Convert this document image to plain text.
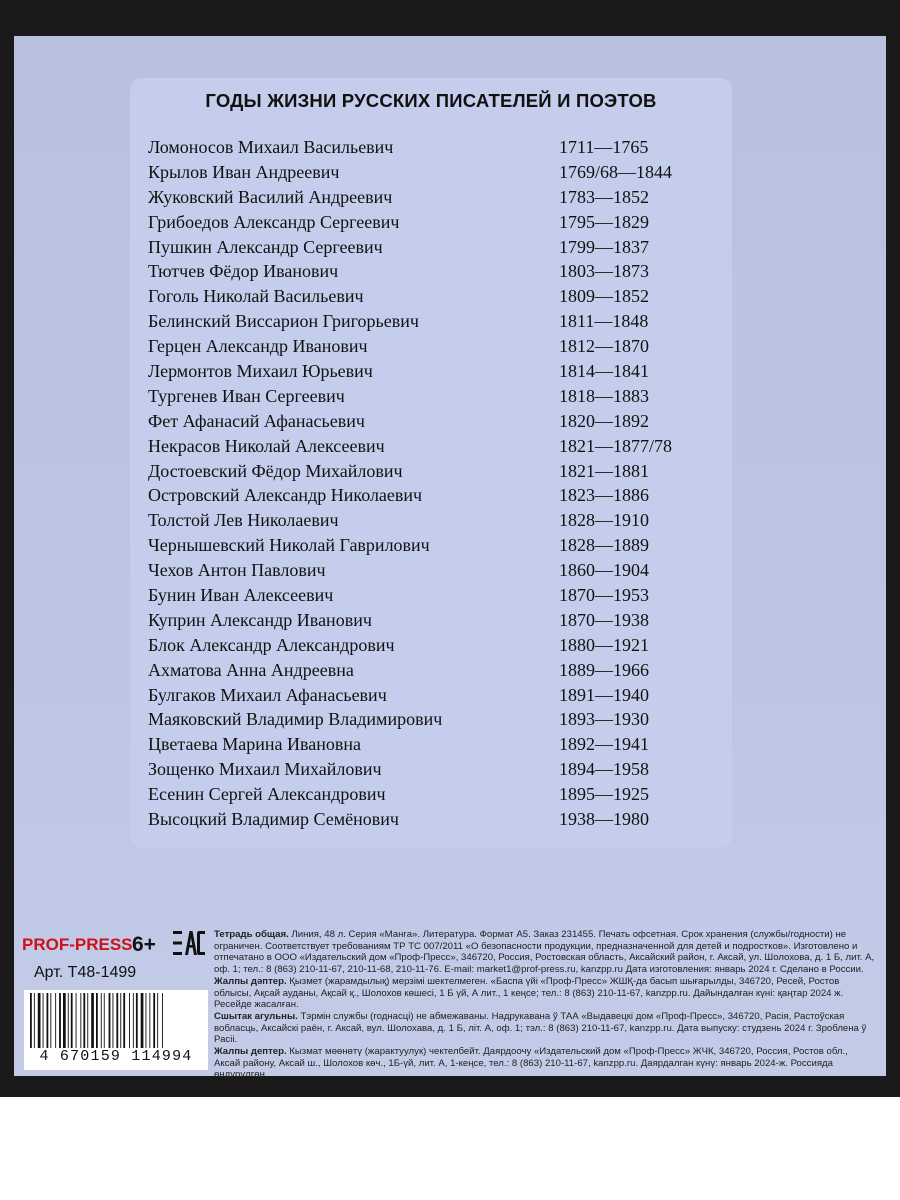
ГОДЫ ЖИЗНИ РУССКИХ ПИСАТЕЛЕЙ И ПОЭТОВ
Ломоносов Михаил Васильевич	1711—1765
Крылов Иван Андреевич	1769/68—1844
Жуковский Василий Андреевич	1783—1852
Грибоедов Александр Сергеевич	1795—1829
Пушкин Александр Сергеевич	1799—1837
Тютчев Фёдор Иванович	1803—1873
Гоголь Николай Васильевич	1809—1852
Белинский Виссарион Григорьевич	1811—1848
Герцен Александр Иванович	1812—1870
Лермонтов Михаил Юрьевич	1814—1841
Тургенев Иван Сергеевич	1818—1883
Фет Афанасий Афанасьевич	1820—1892
Некрасов Николай Алексеевич	1821—1877/78
Достоевский Фёдор Михайлович	1821—1881
Островский Александр Николаевич	1823—1886
Толстой Лев Николаевич	1828—1910
Чернышевский Николай Гаврилович	1828—1889
Чехов Антон Павлович	1860—1904
Бунин Иван Алексеевич	1870—1953
Куприн Александр Иванович	1870—1938
Блок Александр Александрович	1880—1921
Ахматова Анна Андреевна	1889—1966
Булгаков Михаил Афанасьевич	1891—1940
Маяковский Владимир Владимирович	1893—1930
Цветаева Марина Ивановна	1892—1941
Зощенко Михаил Михайлович	1894—1958
Есенин Сергей Александрович	1895—1925
Высоцкий Владимир Семёнович	1938—1980
PROF-PRESS 6+
Арт. Т48-1499
4 670159 114994

Тетрадь общая. Линия, 48 л. Серия «Манга». Литература. Формат А5. Заказ 231455. Печать офсетная. Срок хранения (службы/годности) не ограничен. Соответствует требованиям ТР ТС 007/2011 «О безопасности продукции, предназначенной для детей и подростков». Изготовлено и отпечатано в ООО «Издательский дом «Проф-Пресс», 346720, Россия, Ростовская область, Аксайский район, г. Аксай, ул. Шолохова, д. 1 Б, лит. А, оф. 1; тел.: 8 (863) 210-11-67, 210-11-68, 210-11-76. E-mail: market1@prof-press.ru, kanzpp.ru Дата изготовления: январь 2024 г. Сделано в России.

Жалпы дәптер. Қызмет (жарамдылық) мерзімі шектелмеген. «Баспа үйі «Проф-Пресс» ЖШҚ-да басып шығарылды, 346720, Ресей, Ростов облысы, Ақсай ауданы, Ақсай қ., Шолохов көшесі, 1 Б үй, А лит., 1 кеңсе; тел.: 8 (863) 210-11-67, kanzpp.ru. Дайындалған күні: қаңтар 2024 ж. Ресейде жасалған.

Сшытак агульны. Тэрмін службы (годнасці) не абмежаваны. Надрукавана ў ТАА «Выдавецкі дом «Проф-Пресс», 346720, Расія, Растоўская вобласць, Аксайскі раён, г. Аксай, вул. Шолохава, д. 1 Б, літ. А, оф. 1; тэл.: 8 (863) 210-11-67, kanzpp.ru. Дата выпуску: студзень 2024 г. Зроблена ў Расіі.

Жалпы дептер. Кызмат мөөнөтү (жарактуулук) чектелбейт. Даярдоочу «Издательский дом «Проф-Пресс» ЖЧК, 346720, Россия, Ростов обл., Аксай району, Аксай ш., Шолохов көч., 1Б-үй, лит. А, 1-кеңсе, тел.: 8 (863) 210-11-67, kanzpp.ru. Даярдалган күнү: январь 2024-ж. Россияда өндүрүлгөн.
